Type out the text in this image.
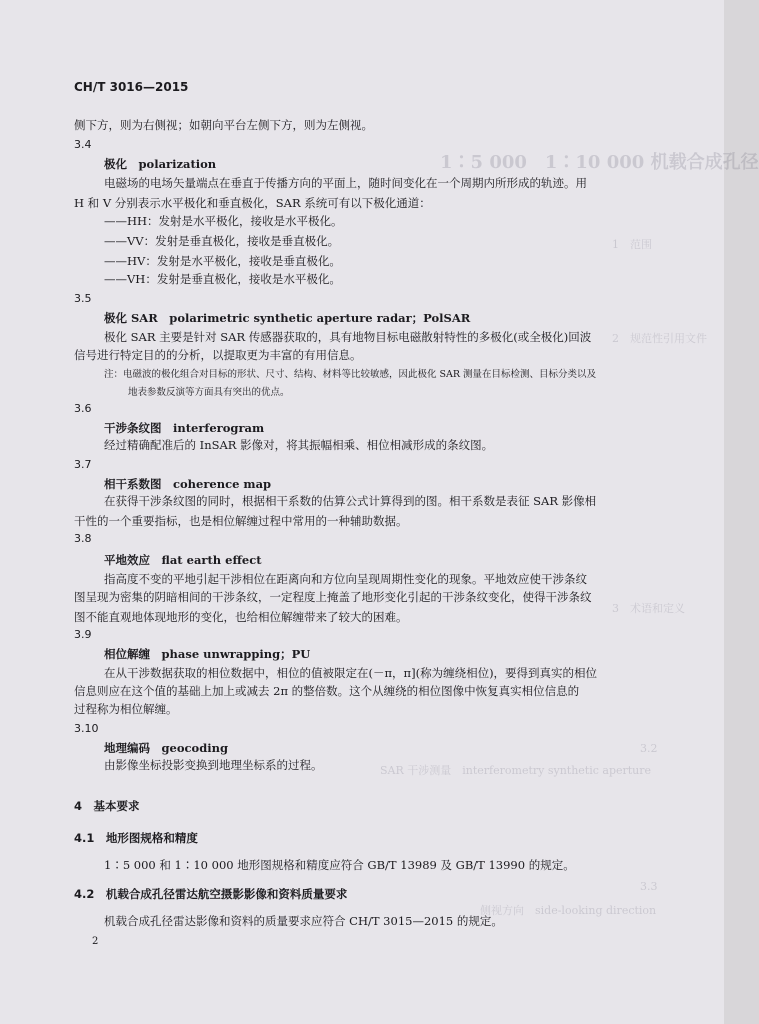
1∶5 000　1∶10 000 机载合成孔径
1　范围
2　规范性引用文件
3　术语和定义
3.2
SAR 干涉测量　interferometry synthetic aperture
3.3
侧视方向　side-looking direction
CH/T 3016—2015
侧下方，则为右侧视；如朝向平台左侧下方，则为左侧视。
3.4
极化　polarization
电磁场的电场矢量端点在垂直于传播方向的平面上，随时间变化在一个周期内所形成的轨迹。用
H 和 V 分别表示水平极化和垂直极化，SAR 系统可有以下极化通道：
——HH：发射是水平极化，接收是水平极化。
——VV：发射是垂直极化，接收是垂直极化。
——HV：发射是水平极化，接收是垂直极化。
——VH：发射是垂直极化，接收是水平极化。
3.5
极化 SAR　polarimetric synthetic aperture radar；PolSAR
极化 SAR 主要是针对 SAR 传感器获取的，具有地物目标电磁散射特性的多极化(或全极化)回波
信号进行特定目的的分析，以提取更为丰富的有用信息。
注：电磁波的极化组合对目标的形状、尺寸、结构、材料等比较敏感，因此极化 SAR 测量在目标检测、目标分类以及
地表参数反演等方面具有突出的优点。
3.6
干涉条纹图　interferogram
经过精确配准后的 InSAR 影像对，将其振幅相乘、相位相减形成的条纹图。
3.7
相干系数图　coherence map
在获得干涉条纹图的同时，根据相干系数的估算公式计算得到的图。相干系数是表征 SAR 影像相
干性的一个重要指标，也是相位解缠过程中常用的一种辅助数据。
3.8
平地效应　flat earth effect
指高度不变的平地引起干涉相位在距离向和方位向呈现周期性变化的现象。平地效应使干涉条纹
图呈现为密集的阴暗相间的干涉条纹，一定程度上掩盖了地形变化引起的干涉条纹变化，使得干涉条纹
图不能直观地体现地形的变化，也给相位解缠带来了较大的困难。
3.9
相位解缠　phase unwrapping；PU
在从干涉数据获取的相位数据中，相位的值被限定在(－π，π](称为缠绕相位)，要得到真实的相位
信息则应在这个值的基础上加上或减去 2π 的整倍数。这个从缠绕的相位图像中恢复真实相位信息的
过程称为相位解缠。
3.10
地理编码　geocoding
由影像坐标投影变换到地理坐标系的过程。
4　基本要求
4.1　地形图规格和精度
1∶5 000 和 1∶10 000 地形图规格和精度应符合 GB/T 13989 及 GB/T 13990 的规定。
4.2　机载合成孔径雷达航空摄影影像和资料质量要求
机载合成孔径雷达影像和资料的质量要求应符合 CH/T 3015—2015 的规定。
2
